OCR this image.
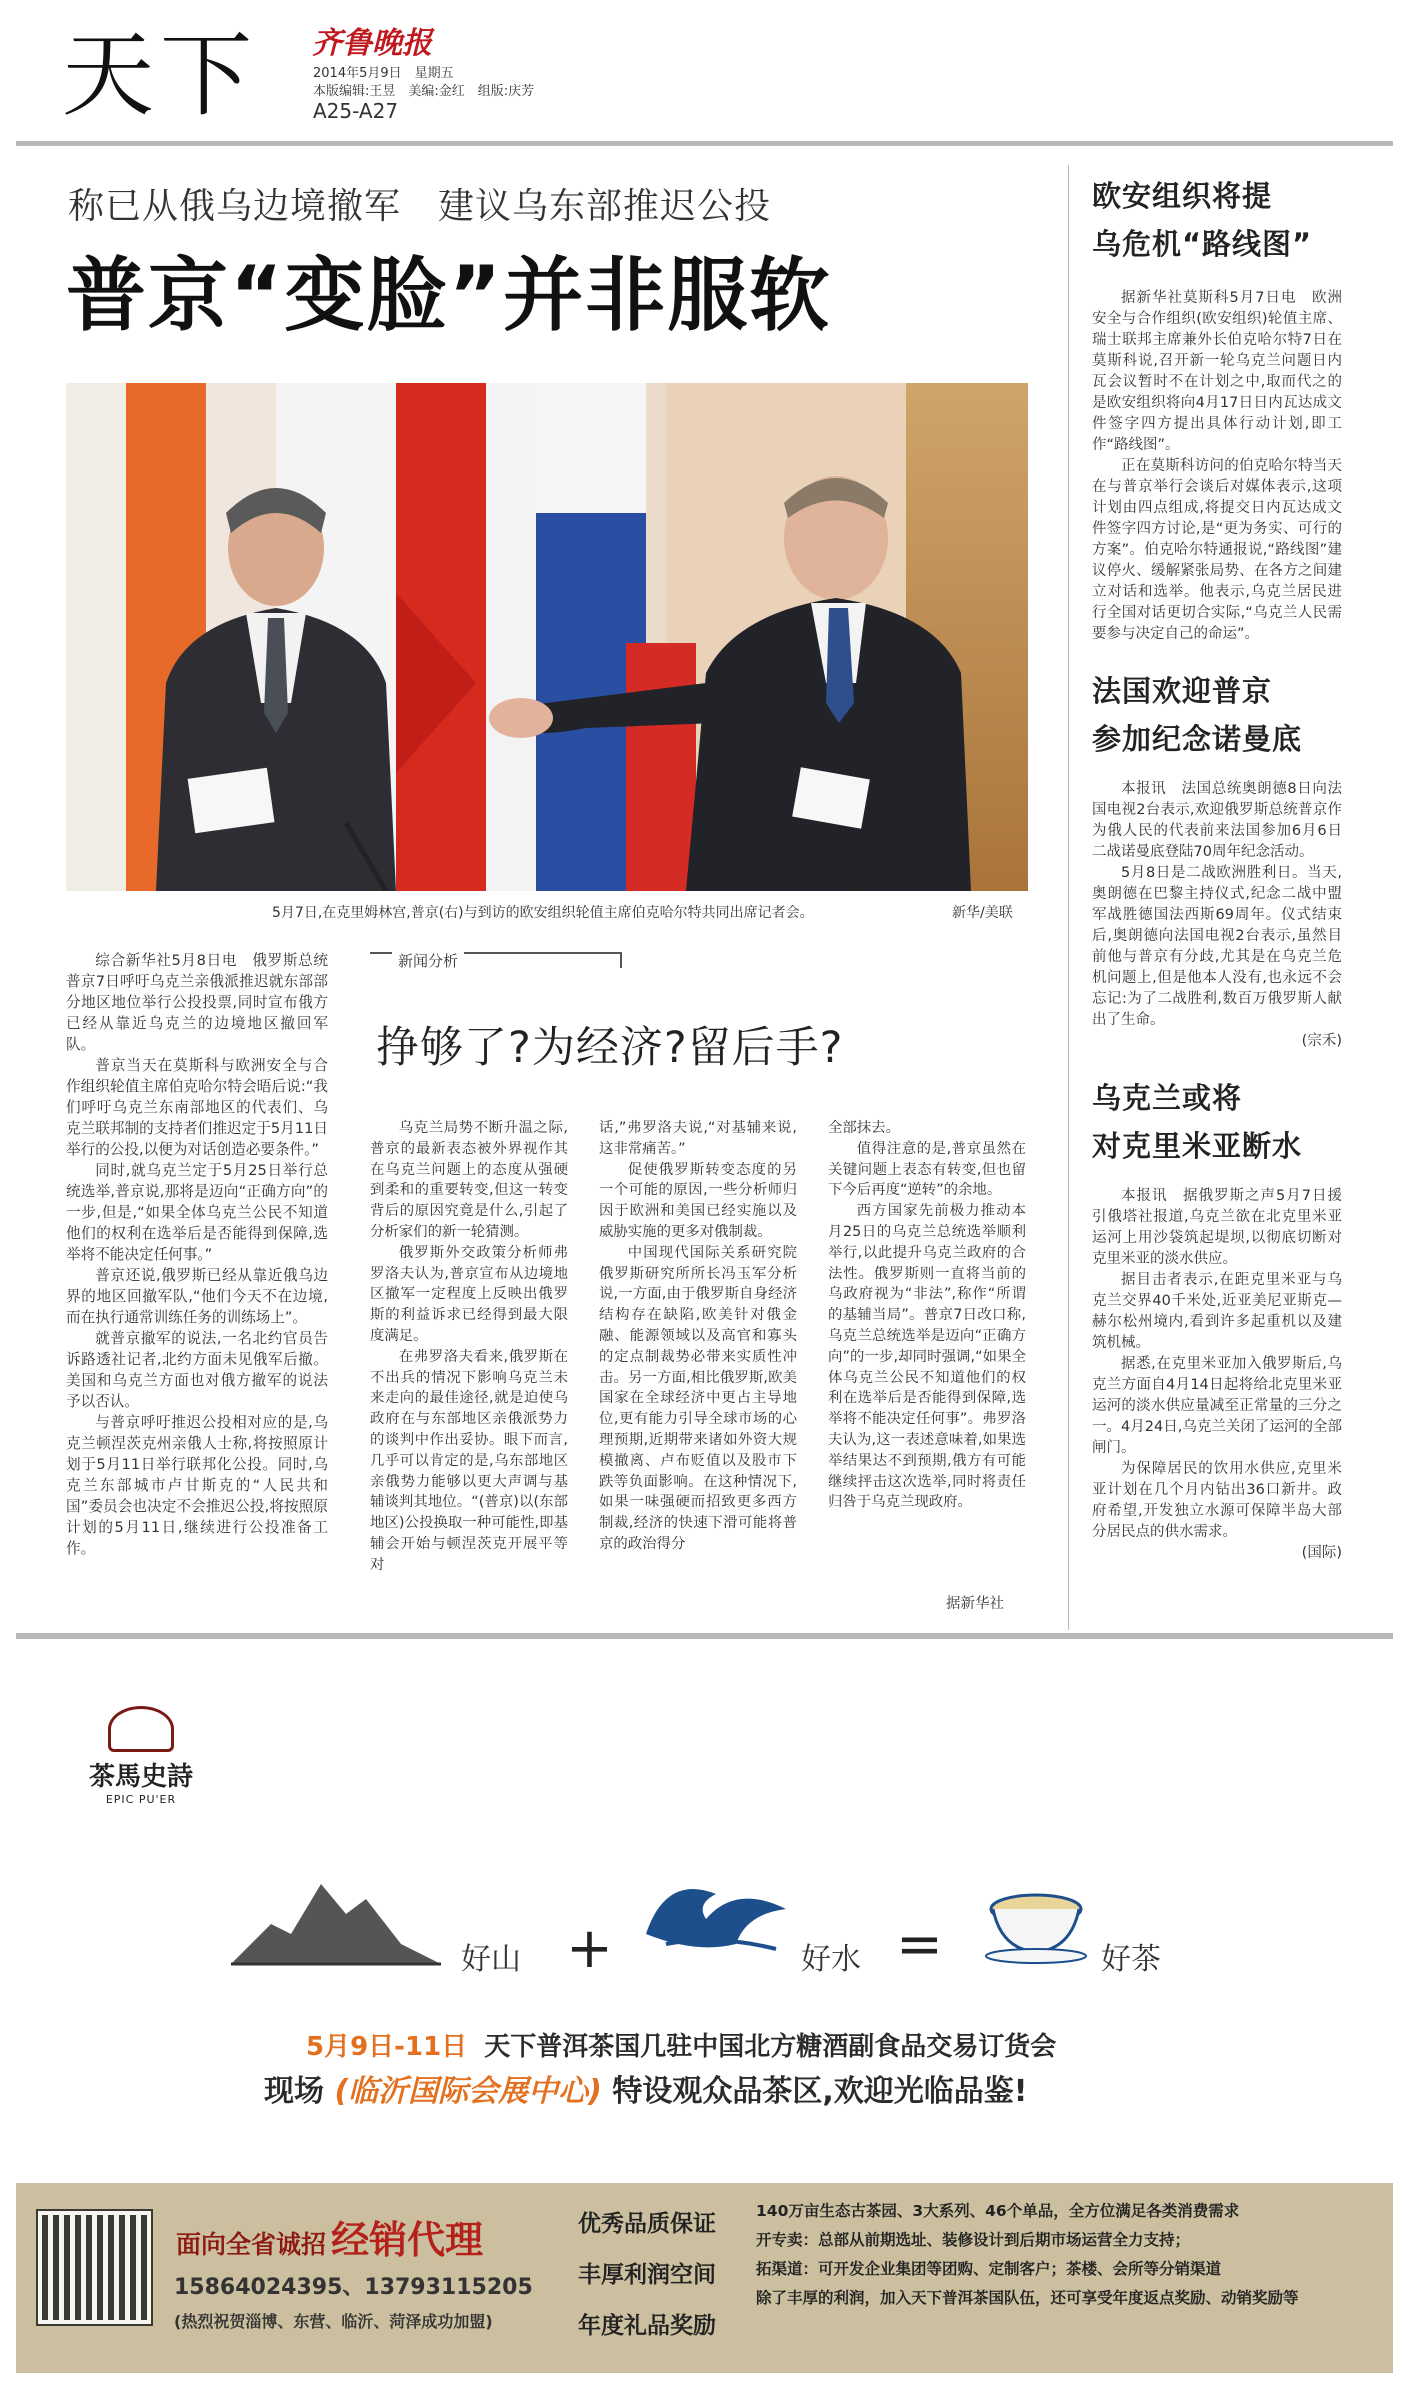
天下 齐鲁晚报
2014年5月9日　星期五
本版编辑:王昱　美编:金红　组版:庆芳
A25-A27
称已从俄乌边境撤军　建议乌东部推迟公投
普京“变脸”并非服软
5月7日,在克里姆林宫,普京(右)与到访的欧安组织轮值主席伯克哈尔特共同出席记者会。	新华/美联

综合新华社5月8日电　俄罗斯总统普京7日呼吁乌克兰亲俄派推迟就东部部分地区地位举行公投投票,同时宣布俄方已经从靠近乌克兰的边境地区撤回军队。

普京当天在莫斯科与欧洲安全与合作组织轮值主席伯克哈尔特会晤后说:“我们呼吁乌克兰东南部地区的代表们、乌克兰联邦制的支持者们推迟定于5月11日举行的公投,以便为对话创造必要条件。”

同时,就乌克兰定于5月25日举行总统选举,普京说,那将是迈向“正确方向”的一步,但是,“如果全体乌克兰公民不知道他们的权利在选举后是否能得到保障,选举将不能决定任何事。”

普京还说,俄罗斯已经从靠近俄乌边界的地区回撤军队,“他们今天不在边境,而在执行通常训练任务的训练场上”。

就普京撤军的说法,一名北约官员告诉路透社记者,北约方面未见俄军后撤。美国和乌克兰方面也对俄方撤军的说法予以否认。

与普京呼吁推迟公投相对应的是,乌克兰顿涅茨克州亲俄人士称,将按照原计划于5月11日举行联邦化公投。同时,乌克兰东部城市卢甘斯克的“人民共和国”委员会也决定不会推迟公投,将按照原计划的5月11日,继续进行公投准备工作。

新闻分析
挣够了?为经济?留后手?

乌克兰局势不断升温之际,普京的最新表态被外界视作其在乌克兰问题上的态度从强硬到柔和的重要转变,但这一转变背后的原因究竟是什么,引起了分析家们的新一轮猜测。

俄罗斯外交政策分析师弗罗洛夫认为,普京宣布从边境地区撤军一定程度上反映出俄罗斯的利益诉求已经得到最大限度满足。

在弗罗洛夫看来,俄罗斯在不出兵的情况下影响乌克兰未来走向的最佳途径,就是迫使乌政府在与东部地区亲俄派势力的谈判中作出妥协。眼下而言,几乎可以肯定的是,乌东部地区亲俄势力能够以更大声调与基辅谈判其地位。“(普京)以(东部地区)公投换取一种可能性,即基辅会开始与顿涅茨克开展平等对

话,”弗罗洛夫说,“对基辅来说,这非常痛苦。”

促使俄罗斯转变态度的另一个可能的原因,一些分析师归因于欧洲和美国已经实施以及威胁实施的更多对俄制裁。

中国现代国际关系研究院俄罗斯研究所所长冯玉军分析说,一方面,由于俄罗斯自身经济结构存在缺陷,欧美针对俄金融、能源领域以及高官和寡头的定点制裁势必带来实质性冲击。另一方面,相比俄罗斯,欧美国家在全球经济中更占主导地位,更有能力引导全球市场的心理预期,近期带来诸如外资大规模撤离、卢布贬值以及股市下跌等负面影响。在这种情况下,如果一味强硬而招致更多西方制裁,经济的快速下滑可能将普京的政治得分

全部抹去。

值得注意的是,普京虽然在关键问题上表态有转变,但也留下今后再度“逆转”的余地。

西方国家先前极力推动本月25日的乌克兰总统选举顺利举行,以此提升乌克兰政府的合法性。俄罗斯则一直将当前的乌政府视为“非法”,称作“所谓的基辅当局”。普京7日改口称,乌克兰总统选举是迈向“正确方向”的一步,却同时强调,“如果全体乌克兰公民不知道他们的权利在选举后是否能得到保障,选举将不能决定任何事”。弗罗洛夫认为,这一表述意味着,如果选举结果达不到预期,俄方有可能继续抨击这次选举,同时将责任归咎于乌克兰现政府。

据新华社
欧安组织将提
乌危机“路线图”

据新华社莫斯科5月7日电　欧洲安全与合作组织(欧安组织)轮值主席、瑞士联邦主席兼外长伯克哈尔特7日在莫斯科说,召开新一轮乌克兰问题日内瓦会议暂时不在计划之中,取而代之的是欧安组织将向4月17日日内瓦达成文件签字四方提出具体行动计划,即工作“路线图”。

正在莫斯科访问的伯克哈尔特当天在与普京举行会谈后对媒体表示,这项计划由四点组成,将提交日内瓦达成文件签字四方讨论,是“更为务实、可行的方案”。伯克哈尔特通报说,“路线图”建议停火、缓解紧张局势、在各方之间建立对话和选举。他表示,乌克兰居民进行全国对话更切合实际,“乌克兰人民需要参与决定自己的命运”。

法国欢迎普京
参加纪念诺曼底

本报讯　法国总统奥朗德8日向法国电视2台表示,欢迎俄罗斯总统普京作为俄人民的代表前来法国参加6月6日二战诺曼底登陆70周年纪念活动。

5月8日是二战欧洲胜利日。当天,奥朗德在巴黎主持仪式,纪念二战中盟军战胜德国法西斯69周年。仪式结束后,奥朗德向法国电视2台表示,虽然目前他与普京有分歧,尤其是在乌克兰危机问题上,但是他本人没有,也永远不会忘记:为了二战胜利,数百万俄罗斯人献出了生命。

(宗禾)
乌克兰或将
对克里米亚断水

本报讯　据俄罗斯之声5月7日援引俄塔社报道,乌克兰欲在北克里米亚运河上用沙袋筑起堤坝,以彻底切断对克里米亚的淡水供应。

据目击者表示,在距克里米亚与乌克兰交界40千米处,近亚美尼亚斯克—赫尔松州境内,看到许多起重机以及建筑机械。

据悉,在克里米亚加入俄罗斯后,乌克兰方面自4月14日起将给北克里米亚运河的淡水供应量减至正常量的三分之一。4月24日,乌克兰关闭了运河的全部闸门。

为保障居民的饮用水供应,克里米亚计划在几个月内钻出36口新井。政府希望,开发独立水源可保障半岛大部分居民点的供水需求。

(国际)
茶馬史詩
EPIC PU'ER
好山 +	好水 =	好茶
5月9日-11日 天下普洱茶国几驻中国北方糖酒副食品交易订货会
现场 (临沂国际会展中心) 特设观众品茶区,欢迎光临品鉴!
面向全省诚招 经销代理
15864024395、13793115205
(热烈祝贺淄博、东营、临沂、菏泽成功加盟)
优秀品质保证
丰厚利润空间
年度礼品奖励
140万亩生态古茶园、3大系列、46个单品，全方位满足各类消费需求
开专卖：总部从前期选址、装修设计到后期市场运营全力支持；
拓渠道：可开发企业集团等团购、定制客户；茶楼、会所等分销渠道
除了丰厚的利润，加入天下普洱茶国队伍，还可享受年度返点奖励、动销奖励等
